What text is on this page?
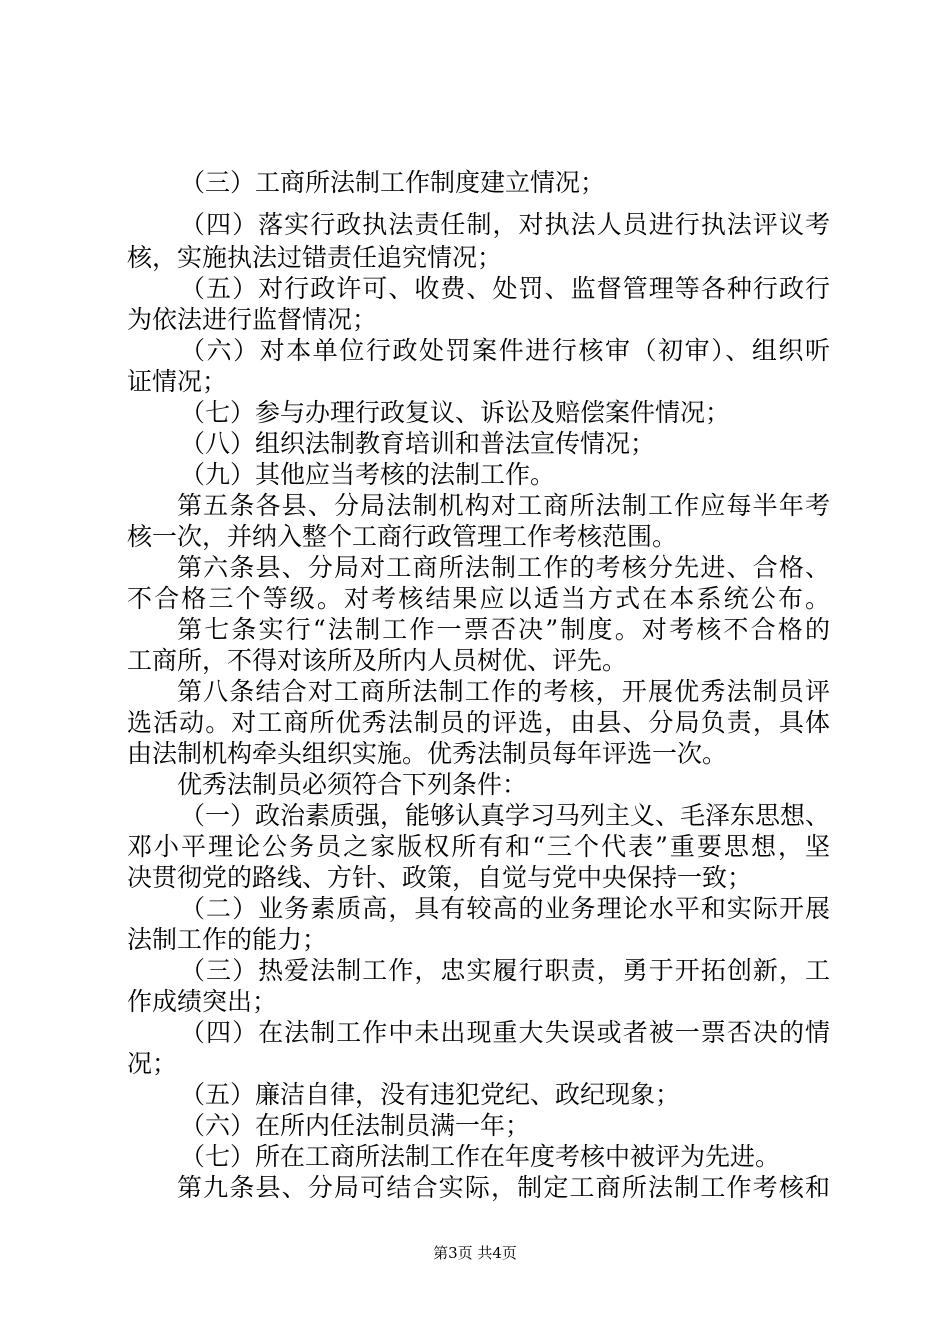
（三）工商所法制工作制度建立情况；
（四）落实行政执法责任制，对执法人员进行执法评议考
核，实施执法过错责任追究情况；
（五）对行政许可、收费、处罚、监督管理等各种行政行
为依法进行监督情况；
（六）对本单位行政处罚案件进行核审（初审）、组织听
证情况；
（七）参与办理行政复议、诉讼及赔偿案件情况；
（八）组织法制教育培训和普法宣传情况；
（九）其他应当考核的法制工作。
第五条各县、分局法制机构对工商所法制工作应每半年考
核一次，并纳入整个工商行政管理工作考核范围。
第六条县、分局对工商所法制工作的考核分先进、合格、
不合格三个等级。对考核结果应以适当方式在本系统公布。
第七条实行“法制工作一票否决”制度。对考核不合格的
工商所，不得对该所及所内人员树优、评先。
第八条结合对工商所法制工作的考核，开展优秀法制员评
选活动。对工商所优秀法制员的评选，由县、分局负责，具体
由法制机构牵头组织实施。优秀法制员每年评选一次。
优秀法制员必须符合下列条件：
（一）政治素质强，能够认真学习马列主义、毛泽东思想、
邓小平理论公务员之家版权所有和“三个代表”重要思想，坚
决贯彻党的路线、方针、政策，自觉与党中央保持一致；
（二）业务素质高，具有较高的业务理论水平和实际开展
法制工作的能力；
（三）热爱法制工作，忠实履行职责，勇于开拓创新，工
作成绩突出；
（四）在法制工作中未出现重大失误或者被一票否决的情
况；
（五）廉洁自律，没有违犯党纪、政纪现象；
（六）在所内任法制员满一年；
（七）所在工商所法制工作在年度考核中被评为先进。
第九条县、分局可结合实际，制定工商所法制工作考核和
第3页 共4页
